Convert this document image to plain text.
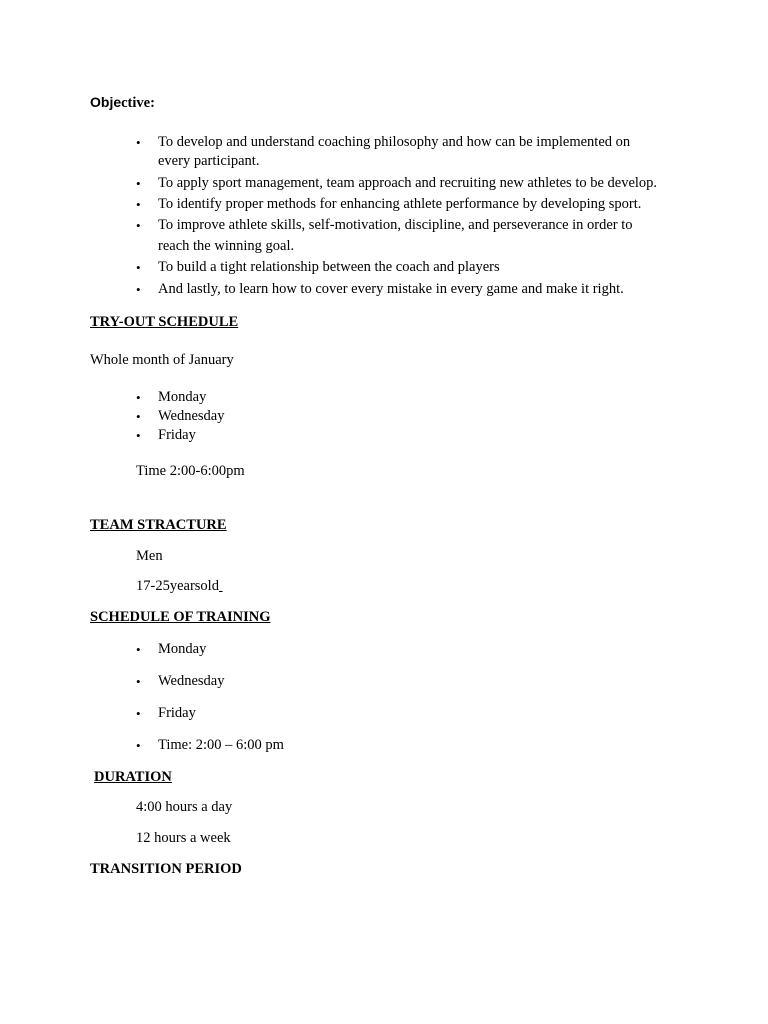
Objective:
• To develop and understand coaching philosophy and how can be implemented on
every participant.
• To apply sport management, team approach and recruiting new athletes to be develop.
• To identify proper methods for enhancing athlete performance by developing sport.
• To improve athlete skills, self-motivation, discipline, and perseverance in order to
reach the winning goal.
• To build a tight relationship between the coach and players
• And lastly, to learn how to cover every mistake in every game and make it right.
TRY-OUT SCHEDULE
Whole month of January
• Monday
• Wednesday
• Friday
Time 2:00-6:00pm
TEAM STRACTURE
Men
17-25yearsold
SCHEDULE OF TRAINING
• Monday
• Wednesday
• Friday
• Time: 2:00 – 6:00 pm
DURATION
4:00 hours a day
12 hours a week
TRANSITION PERIOD
